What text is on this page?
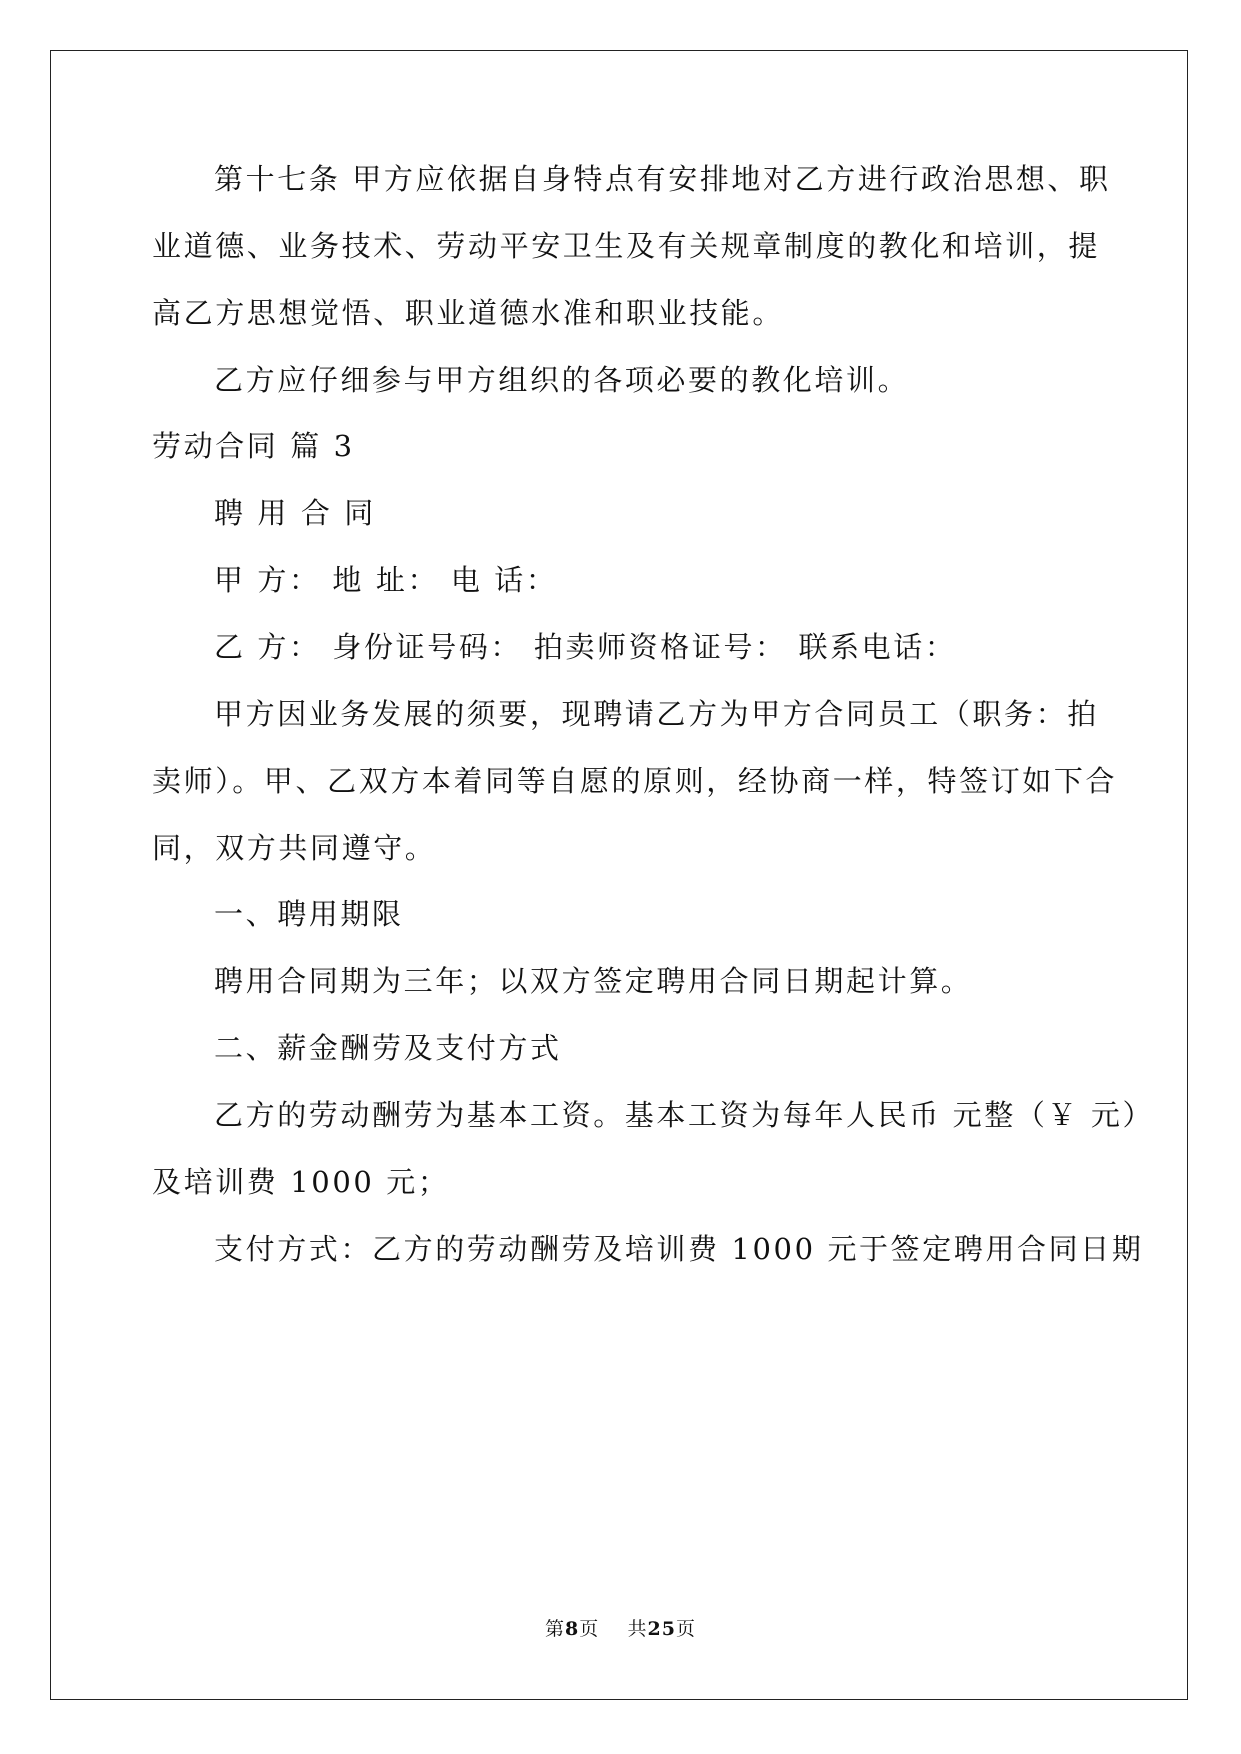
第十七条 甲方应依据自身特点有安排地对乙方进行政治思想、职
业道德、业务技术、劳动平安卫生及有关规章制度的教化和培训，提
高乙方思想觉悟、职业道德水准和职业技能。
乙方应仔细参与甲方组织的各项必要的教化培训。
劳动合同 篇 3
聘 用 合 同
甲 方： 地 址： 电 话：
乙 方： 身份证号码： 拍卖师资格证号： 联系电话：
甲方因业务发展的须要，现聘请乙方为甲方合同员工（职务：拍
卖师）。甲、乙双方本着同等自愿的原则，经协商一样，特签订如下合
同，双方共同遵守。
一、聘用期限
聘用合同期为三年；以双方签定聘用合同日期起计算。
二、薪金酬劳及支付方式
乙方的劳动酬劳为基本工资。基本工资为每年人民币 元整（￥ 元）
及培训费 1000 元；
支付方式：乙方的劳动酬劳及培训费 1000 元于签定聘用合同日期
第8页 共25页
